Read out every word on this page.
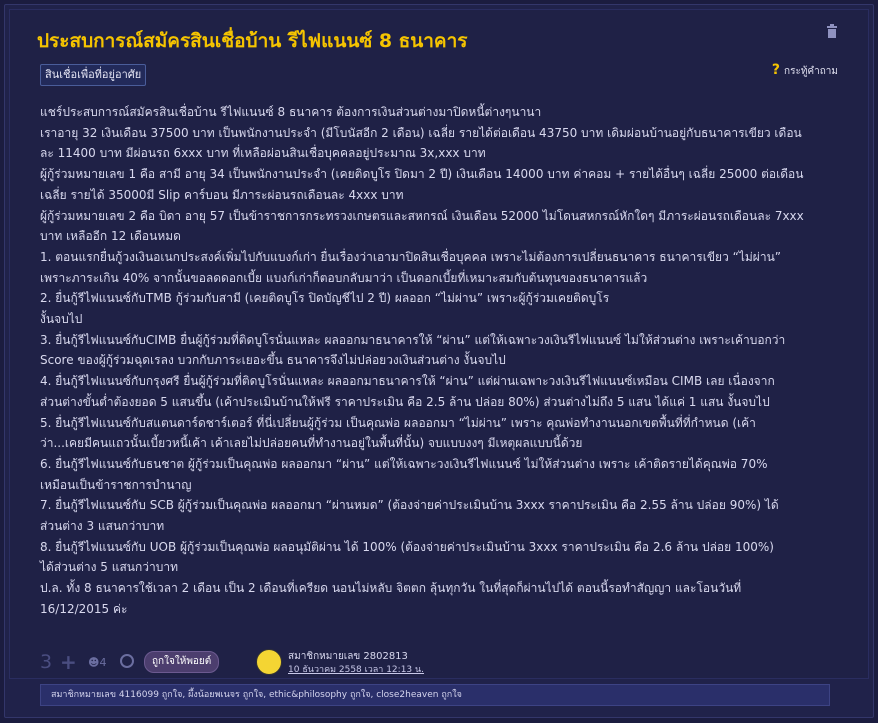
ประสบการณ์สมัครสินเชื่อบ้าน รีไฟแนนซ์ 8 ธนาคาร
สินเชื่อเพื่อที่อยู่อาศัย	? กระทู้คำถาม

แชร์ประสบการณ์สมัครสินเชื่อบ้าน รีไฟแนนซ์ 8 ธนาคาร ต้องการเงินส่วนต่างมาปิดหนี้ต่างๆนานา

เราอายุ 32 เงินเดือน 37500 บาท เป็นพนักงานประจำ (มีโบนัสอีก 2 เดือน) เฉลี่ย รายได้ต่อเดือน 43750 บาท เดิมผ่อนบ้านอยู่กับธนาคารเขียว เดือน

ละ 11400 บาท มีผ่อนรถ 6xxx บาท ที่เหลือผ่อนสินเชื่อบุคคลอยู่ประมาณ 3x,xxx บาท

ผู้กู้ร่วมหมายเลข 1 คือ สามี อายุ 34 เป็นพนักงานประจำ (เคยติดบูโร ปิดมา 2 ปี) เงินเดือน 14000 บาท ค่าคอม + รายได้อื่นๆ เฉลี่ย 25000 ต่อเดือน

เฉลี่ย รายได้ 35000มี Slip คาร์บอน มีภาระผ่อนรถเดือนละ 4xxx บาท

ผู้กู้ร่วมหมายเลข 2 คือ บิดา อายุ 57 เป็นข้าราชการกระทรวงเกษตรและสหกรณ์ เงินเดือน 52000 ไม่โดนสหกรณ์หักใดๆ มีภาระผ่อนรถเดือนละ 7xxx

บาท เหลืออีก 12 เดือนหมด

1. ตอนแรกยื่นกู้วงเงินอเนกประสงค์เพิ่มไปกับแบงก์เก่า ยื่นเรื่องว่าเอามาปิดสินเชื่อบุคคล เพราะไม่ต้องการเปลี่ยนธนาคาร ธนาคารเขียว “ไม่ผ่าน”

เพราะภาระเกิน 40% จากนั้นขอลดดอกเบี้ย แบงก์เก่าก็ตอบกลับมาว่า เป็นดอกเบี้ยที่เหมาะสมกับต้นทุนของธนาคารแล้ว

2. ยื่นกู้รีไฟแนนซ์กับTMB กู้ร่วมกับสามี (เคยติดบูโร ปิดบัญชีไป 2 ปี) ผลออก “ไม่ผ่าน” เพราะผู้กู้ร่วมเคยติดบูโร

งั้นจบไป

3. ยื่นกู้รีไฟแนนซ์กับCIMB ยื่นผู้กู้ร่วมที่ติดบูโรนั่นแหละ ผลออกมาธนาคารให้ “ผ่าน” แต่ให้เฉพาะวงเงินรีไฟแนนซ์ ไม่ให้ส่วนต่าง เพราะเค้าบอกว่า

Score ของผู้กู้ร่วมฉุดเรลง บวกกับภาระเยอะขึ้น ธนาคารจึงไม่ปล่อยวงเงินส่วนต่าง งั้นจบไป

4. ยื่นกู้รีไฟแนนซ์กับกรุงศรี ยื่นผู้กู้ร่วมที่ติดบูโรนั่นแหละ ผลออกมาธนาคารให้ “ผ่าน” แต่ผ่านเฉพาะวงเงินรีไฟแนนซ์เหมือน CIMB เลย เนื่องจาก

ส่วนต่างขั้นต่ำต้องยอด 5 แสนขึ้น (เค้าประเมินบ้านให้ฟรี ราคาประเมิน คือ 2.5 ล้าน ปล่อย 80%) ส่วนต่างไม่ถึง 5 แสน ได้แค่ 1 แสน งั้นจบไป

5. ยื่นกู้รีไฟแนนซ์กับสแตนดาร์ดชาร์เตอร์ ที่นี่เปลี่ยนผู้กู้ร่วม เป็นคุณพ่อ ผลออกมา “ไม่ผ่าน” เพราะ คุณพ่อทำงานนอกเขตพื้นที่ที่กำหนด (เค้า

ว่า...เคยมีคนแถวนั้นเบี้ยวหนี้เค้า เค้าเลยไม่ปล่อยคนที่ทำงานอยู่ในพื้นที่นั้น) จบแบบงงๆ มีเหตุผลแบบนี้ด้วย

6. ยื่นกู้รีไฟแนนซ์กับธนชาต ผู้กู้ร่วมเป็นคุณพ่อ ผลออกมา “ผ่าน” แต่ให้เฉพาะวงเงินรีไฟแนนซ์ ไม่ให้ส่วนต่าง เพราะ เค้าติดรายได้คุณพ่อ 70%

เหมือนเป็นข้าราชการบำนาญ

7. ยื่นกู้รีไฟแนนซ์กับ SCB ผู้กู้ร่วมเป็นคุณพ่อ ผลออกมา “ผ่านหมด” (ต้องจ่ายค่าประเมินบ้าน 3xxx ราคาประเมิน คือ 2.55 ล้าน ปล่อย 90%) ได้

ส่วนต่าง 3 แสนกว่าบาท

8. ยื่นกู้รีไฟแนนซ์กับ UOB ผู้กู้ร่วมเป็นคุณพ่อ ผลอนุมัติผ่าน ได้ 100% (ต้องจ่ายค่าประเมินบ้าน 3xxx ราคาประเมิน คือ 2.6 ล้าน ปล่อย 100%)

ได้ส่วนต่าง 5 แสนกว่าบาท

ป.ล. ทั้ง 8 ธนาคารใช้เวลา 2 เดือน เป็น 2 เดือนที่เครียด นอนไม่หลับ จิตตก ลุ้นทุกวัน ในที่สุดก็ผ่านไปได้ ตอนนี้รอทำสัญญา และโอนวันที่

16/12/2015 ค่ะ

3 + ☻4	ถูกใจให้พอยต์	สมาชิกหมายเลข 2802813
10 ธันวาคม 2558 เวลา 12:13 น.
สมาชิกหมายเลข 4116099 ถูกใจ, ผึ้งน้อยพเนจร ถูกใจ, ethic&philosophy ถูกใจ, close2heaven ถูกใจ
